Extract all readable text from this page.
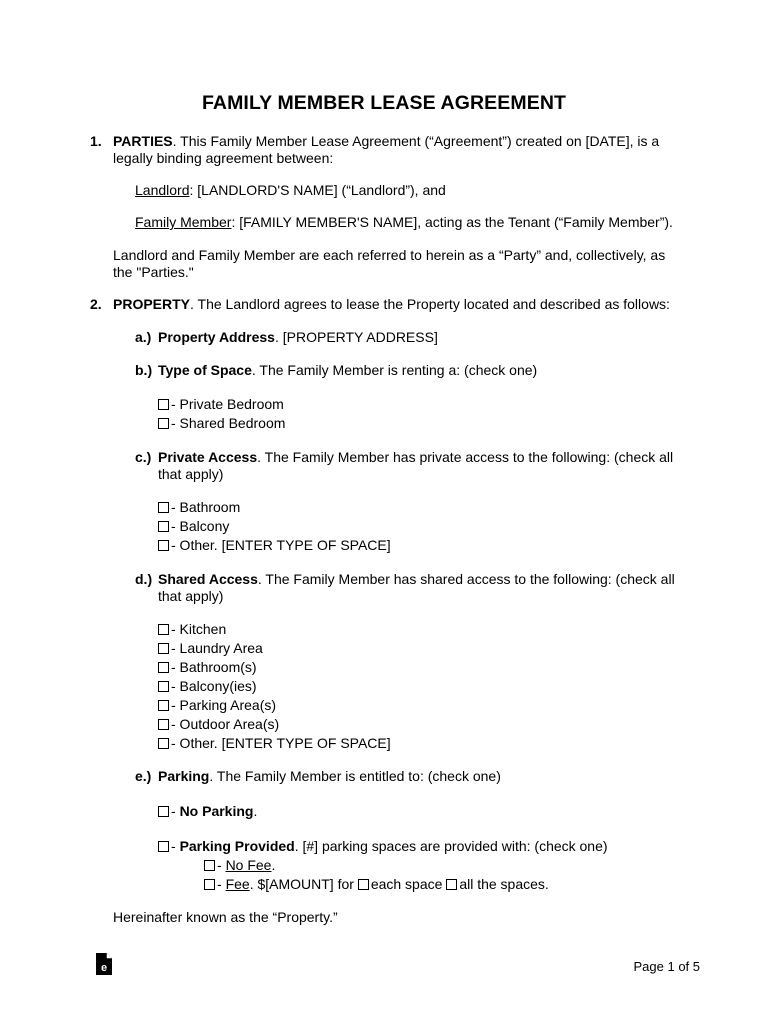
FAMILY MEMBER LEASE AGREEMENT
1. PARTIES. This Family Member Lease Agreement (“Agreement”) created on [DATE], is a
legally binding agreement between:
Landlord: [LANDLORD'S NAME] (“Landlord”), and
Family Member: [FAMILY MEMBER'S NAME], acting as the Tenant (“Family Member”).
Landlord and Family Member are each referred to herein as a “Party” and, collectively, as
the "Parties."
2. PROPERTY. The Landlord agrees to lease the Property located and described as follows:
a.) Property Address. [PROPERTY ADDRESS]
b.) Type of Space. The Family Member is renting a: (check one)
- Private Bedroom
- Shared Bedroom
c.) Private Access. The Family Member has private access to the following: (check all
that apply)
- Bathroom
- Balcony
- Other. [ENTER TYPE OF SPACE]
d.) Shared Access. The Family Member has shared access to the following: (check all
that apply)
- Kitchen
- Laundry Area
- Bathroom(s)
- Balcony(ies)
- Parking Area(s)
- Outdoor Area(s)
- Other. [ENTER TYPE OF SPACE]
e.) Parking. The Family Member is entitled to: (check one)
- No Parking.
- Parking Provided. [#] parking spaces are provided with: (check one)
- No Fee.
- Fee. $[AMOUNT] for each space all the spaces.
Hereinafter known as the “Property.”
e	Page 1 of 5
